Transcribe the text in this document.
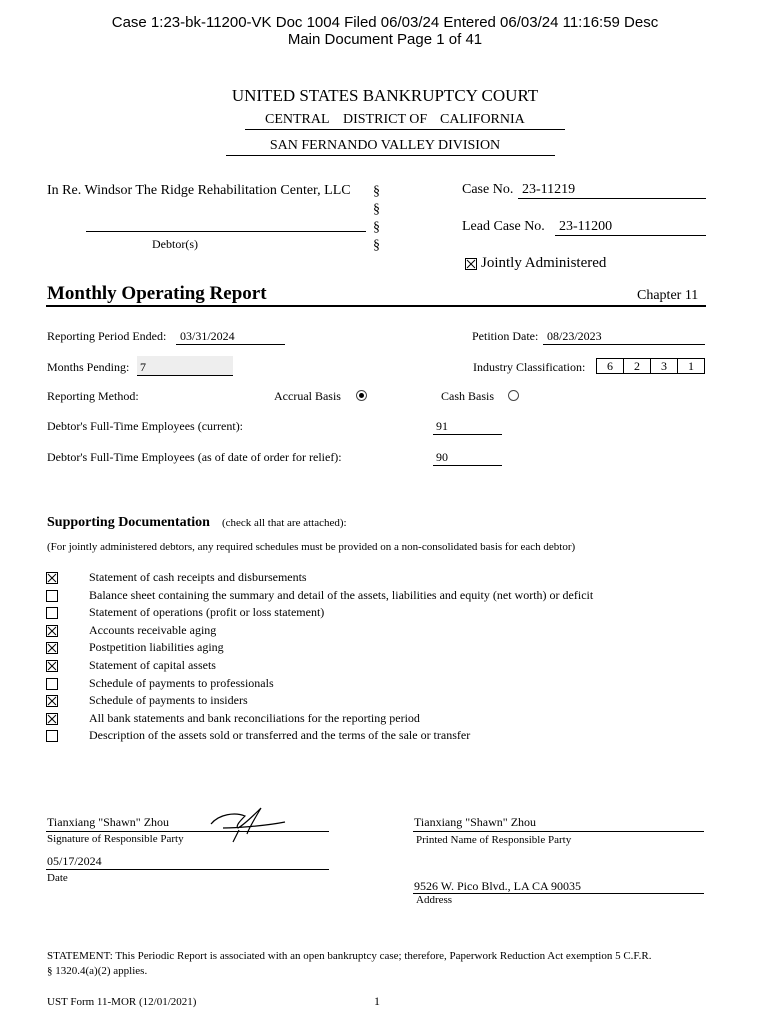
Case 1:23-bk-11200-VK Doc 1004 Filed 06/03/24 Entered 06/03/24 11:16:59 Desc
Main Document Page 1 of 41
UNITED STATES BANKRUPTCY COURT
CENTRAL DISTRICT OF CALIFORNIA
SAN FERNANDO VALLEY DIVISION
In Re. Windsor The Ridge Rehabilitation Center, LLC
Debtor(s)
§
§
§
§
Case No. 23-11219
Lead Case No. 23-11200
Jointly Administered
Monthly Operating Report	Chapter 11
Reporting Period Ended: 03/31/2024	Petition Date: 08/23/2023
Months Pending: 7	Industry Classification:	6	2	3	1
Reporting Method:	Accrual Basis	Cash Basis
Debtor's Full-Time Employees (current):	91
Debtor's Full-Time Employees (as of date of order for relief):	90
Supporting Documentation (check all that are attached):
(For jointly administered debtors, any required schedules must be provided on a non-consolidated basis for each debtor)
Statement of cash receipts and disbursements
Balance sheet containing the summary and detail of the assets, liabilities and equity (net worth) or deficit
Statement of operations (profit or loss statement)
Accounts receivable aging
Postpetition liabilities aging
Statement of capital assets
Schedule of payments to professionals
Schedule of payments to insiders
All bank statements and bank reconciliations for the reporting period
Description of the assets sold or transferred and the terms of the sale or transfer
Tianxiang "Shawn" Zhou
Signature of Responsible Party
Tianxiang "Shawn" Zhou
Printed Name of Responsible Party
05/17/2024
Date
9526 W. Pico Blvd., LA CA 90035
Address
STATEMENT: This Periodic Report is associated with an open bankruptcy case; therefore, Paperwork Reduction Act exemption 5 C.F.R.
§ 1320.4(a)(2) applies.
UST Form 11-MOR (12/01/2021)	1
